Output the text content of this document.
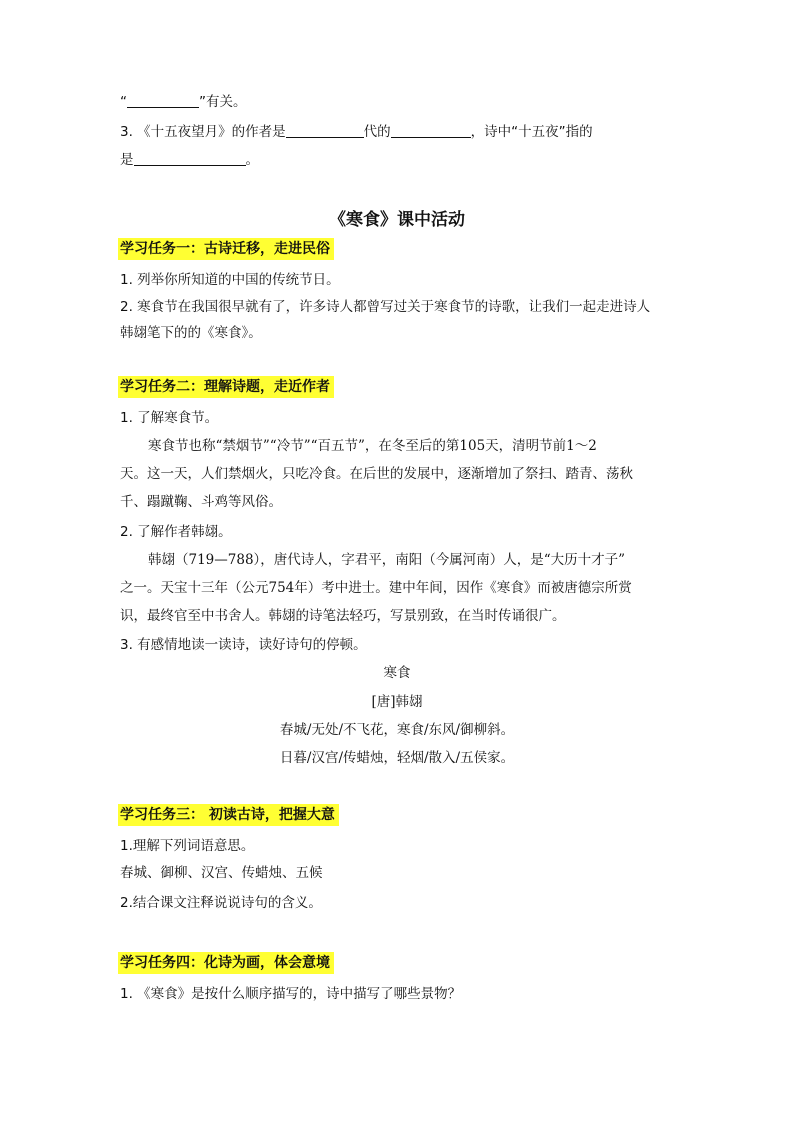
“	”有关。
3. 《十五夜望月》的作者是	代的	，诗中“十五夜”指的
是	。
《寒食》课中活动
学习任务一：古诗迁移，走进民俗
1. 列举你所知道的中国的传统节日。
2. 寒食节在我国很早就有了，许多诗人都曾写过关于寒食节的诗歌，让我们一起走进诗人
韩翃笔下的的《寒食》。
学习任务二：理解诗题，走近作者
1. 了解寒食节。
寒食节也称“禁烟节”“冷节”“百五节”，在冬至后的第105天，清明节前1～2
天。这一天，人们禁烟火，只吃冷食。在后世的发展中，逐渐增加了祭扫、踏青、荡秋
千、蹋蹴鞠、斗鸡等风俗。
2. 了解作者韩翃。
韩翃（719—788），唐代诗人，字君平，南阳（今属河南）人，是“大历十才子”
之一。天宝十三年（公元754年）考中进士。建中年间，因作《寒食》而被唐德宗所赏
识，最终官至中书舍人。韩翃的诗笔法轻巧，写景别致，在当时传诵很广。
3. 有感情地读一读诗，读好诗句的停顿。
寒食
[唐]韩翃
春城/无处/不飞花，寒食/东风/御柳斜。
日暮/汉宫/传蜡烛，轻烟/散入/五侯家。
学习任务三： 初读古诗，把握大意
1.理解下列词语意思。
春城、御柳、汉宫、传蜡烛、五候
2.结合课文注释说说诗句的含义。
学习任务四：化诗为画，体会意境
1. 《寒食》是按什么顺序描写的，诗中描写了哪些景物？
